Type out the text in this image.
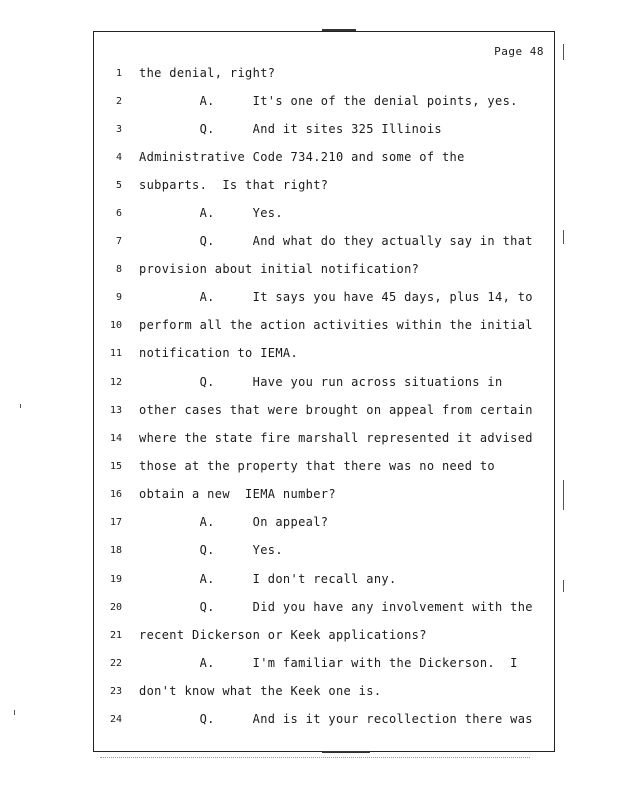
Page 48
1 the denial, right?
2 A.     It's one of the denial points, yes.
3 Q.     And it sites 325 Illinois
4 Administrative Code 734.210 and some of the
5 subparts.  Is that right?
6 A.     Yes.
7 Q.     And what do they actually say in that
8 provision about initial notification?
9 A.     It says you have 45 days, plus 14, to
10 perform all the action activities within the initial
11 notification to IEMA.
12 Q.     Have you run across situations in
13 other cases that were brought on appeal from certain
14 where the state fire marshall represented it advised
15 those at the property that there was no need to
16 obtain a new  IEMA number?
17 A.     On appeal?
18 Q.     Yes.
19 A.     I don't recall any.
20 Q.     Did you have any involvement with the
21 recent Dickerson or Keek applications?
22 A.     I'm familiar with the Dickerson.  I
23 don't know what the Keek one is.
24 Q.     And is it your recollection there was
